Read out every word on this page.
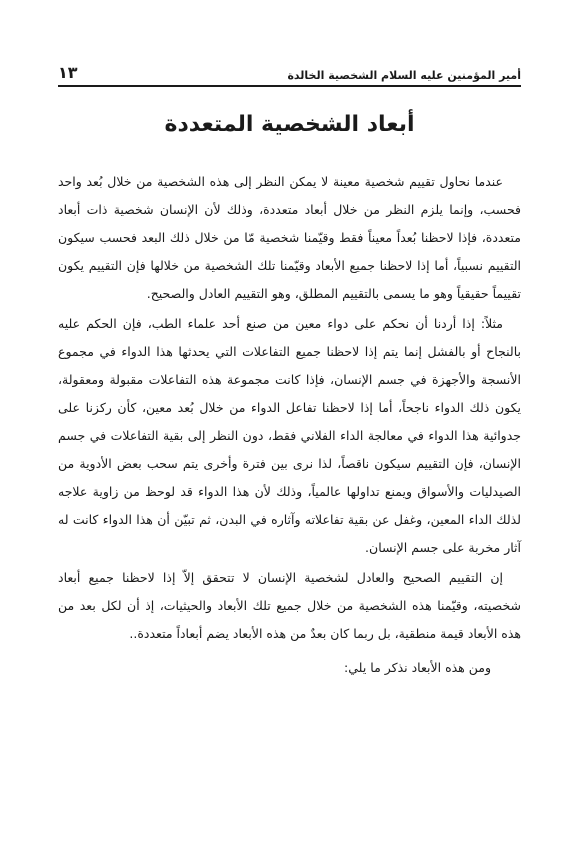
أمير المؤمنين عليه السلام الشخصية الخالدة
١٣
أبعاد الشخصية المتعددة

عندما نحاول تقييم شخصية معينة لا يمكن النظر إلى هذه الشخصية من خلال بُعد واحد فحسب، وإنما يلزم النظر من خلال أبعاد متعددة، وذلك لأن الإنسان شخصية ذات أبعاد متعددة، فإذا لاحظنا بُعداً معيناً فقط وقيّمنا شخصية مّا من خلال ذلك البعد فحسب سيكون التقييم نسبياً، أما إذا لاحظنا جميع الأبعاد وقيّمنا تلك الشخصية من خلالها فإن التقييم يكون تقييماً حقيقياً وهو ما يسمى بالتقييم المطلق، وهو التقييم العادل والصحيح.

مثلاً: إذا أردنا أن نحكم على دواء معين من صنع أحد علماء الطب، فإن الحكم عليه بالنجاح أو بالفشل إنما يتم إذا لاحظنا جميع التفاعلات التي يحدثها هذا الدواء في مجموع الأنسجة والأجهزة في جسم الإنسان، فإذا كانت مجموعة هذه التفاعلات مقبولة ومعقولة، يكون ذلك الدواء ناجحاً، أما إذا لاحظنا تفاعل الدواء من خلال بُعد معين، كأن ركزنا على جدوائية هذا الدواء في معالجة الداء الفلاني فقط، دون النظر إلى بقية التفاعلات في جسم الإنسان، فإن التقييم سيكون ناقصاً، لذا نرى بين فترة وأخرى يتم سحب بعض الأدوية من الصيدليات والأسواق ويمنع تداولها عالمياً، وذلك لأن هذا الدواء قد لوحظ من زاوية علاجه لذلك الداء المعين، وغفل عن بقية تفاعلاته وآثاره في البدن، ثم تبيّن أن هذا الدواء كانت له آثار مخربة على جسم الإنسان.

إن التقييم الصحيح والعادل لشخصية الإنسان لا تتحقق إلاّ إذا لاحظنا جميع أبعاد شخصيته، وقيّمنا هذه الشخصية من خلال جميع تلك الأبعاد والحيثيات، إذ أن لكل بعد من هذه الأبعاد قيمة منطقية، بل ربما كان بعدٌ من هذه الأبعاد يضم أبعاداً متعددة..

ومن هذه الأبعاد نذكر ما يلي:
